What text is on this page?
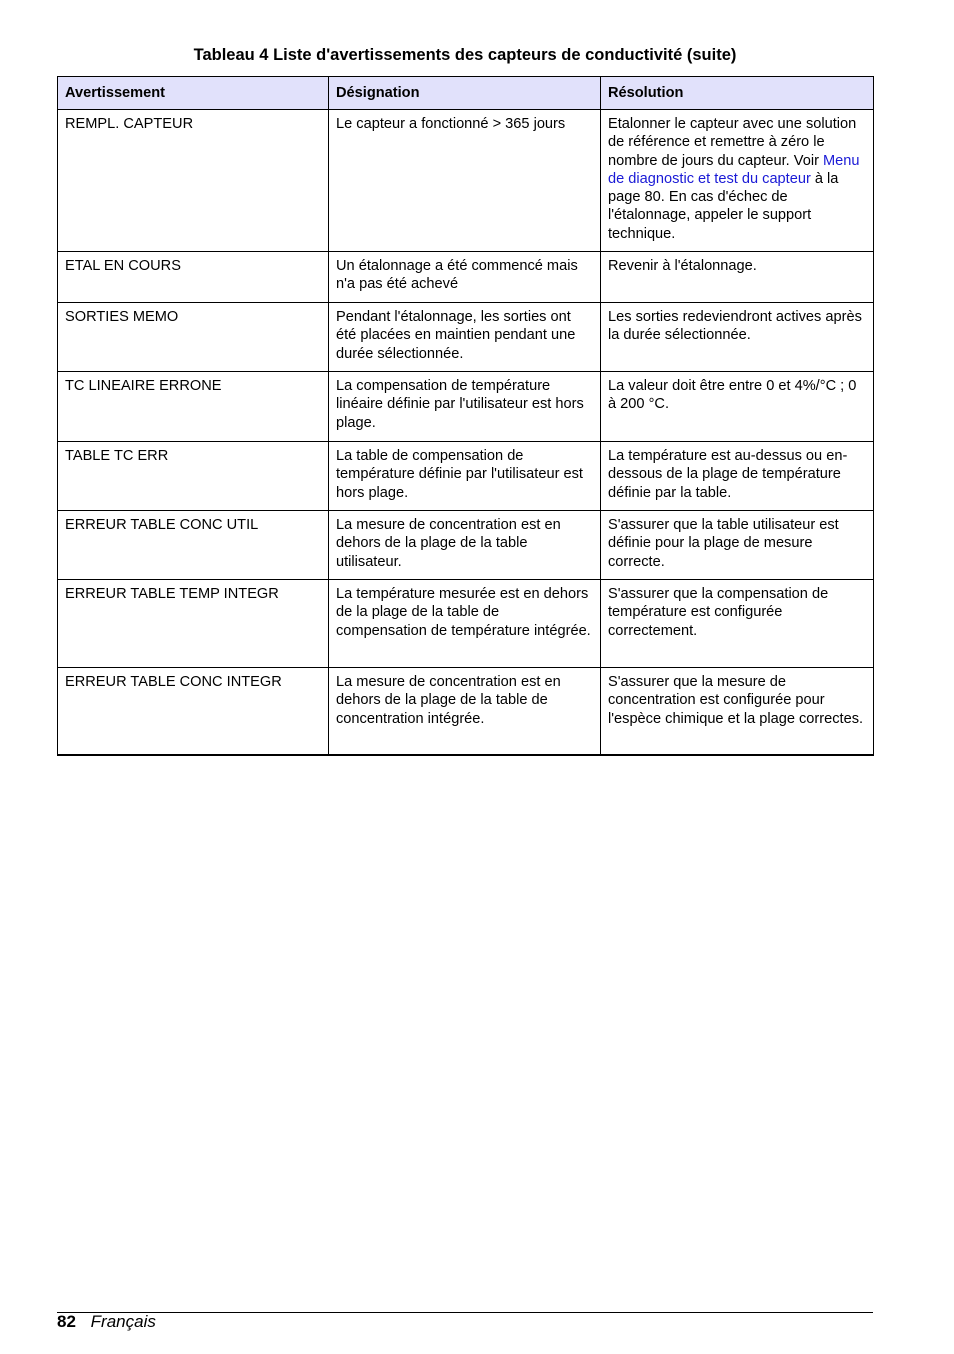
Tableau 4 Liste d'avertissements des capteurs de conductivité (suite)
Avertissement	Désignation	Résolution
REMPL. CAPTEUR	Le capteur a fonctionné > 365 jours	Etalonner le capteur avec une solution de référence et remettre à zéro le nombre de jours du capteur. Voir Menu de diagnostic et test du capteur à la page 80. En cas d'échec de l'étalonnage, appeler le support technique.
ETAL EN COURS	Un étalonnage a été commencé mais n'a pas été achevé	Revenir à l'étalonnage.
SORTIES MEMO	Pendant l'étalonnage, les sorties ont été placées en maintien pendant une durée sélectionnée.	Les sorties redeviendront actives après la durée sélectionnée.
TC LINEAIRE ERRONE	La compensation de température linéaire définie par l'utilisateur est hors plage.	La valeur doit être entre 0 et 4%/°C ; 0 à 200 °C.
TABLE TC ERR	La table de compensation de température définie par l'utilisateur est hors plage.	La température est au-dessus ou en-dessous de la plage de température définie par la table.
ERREUR TABLE CONC UTIL	La mesure de concentration est en dehors de la plage de la table utilisateur.	S'assurer que la table utilisateur est définie pour la plage de mesure correcte.
ERREUR TABLE TEMP INTEGR	La température mesurée est en dehors de la plage de la table de compensation de température intégrée.	S'assurer que la compensation de température est configurée correctement.
ERREUR TABLE CONC INTEGR	La mesure de concentration est en dehors de la plage de la table de concentration intégrée.	S'assurer que la mesure de concentration est configurée pour l'espèce chimique et la plage correctes.
82 Français
